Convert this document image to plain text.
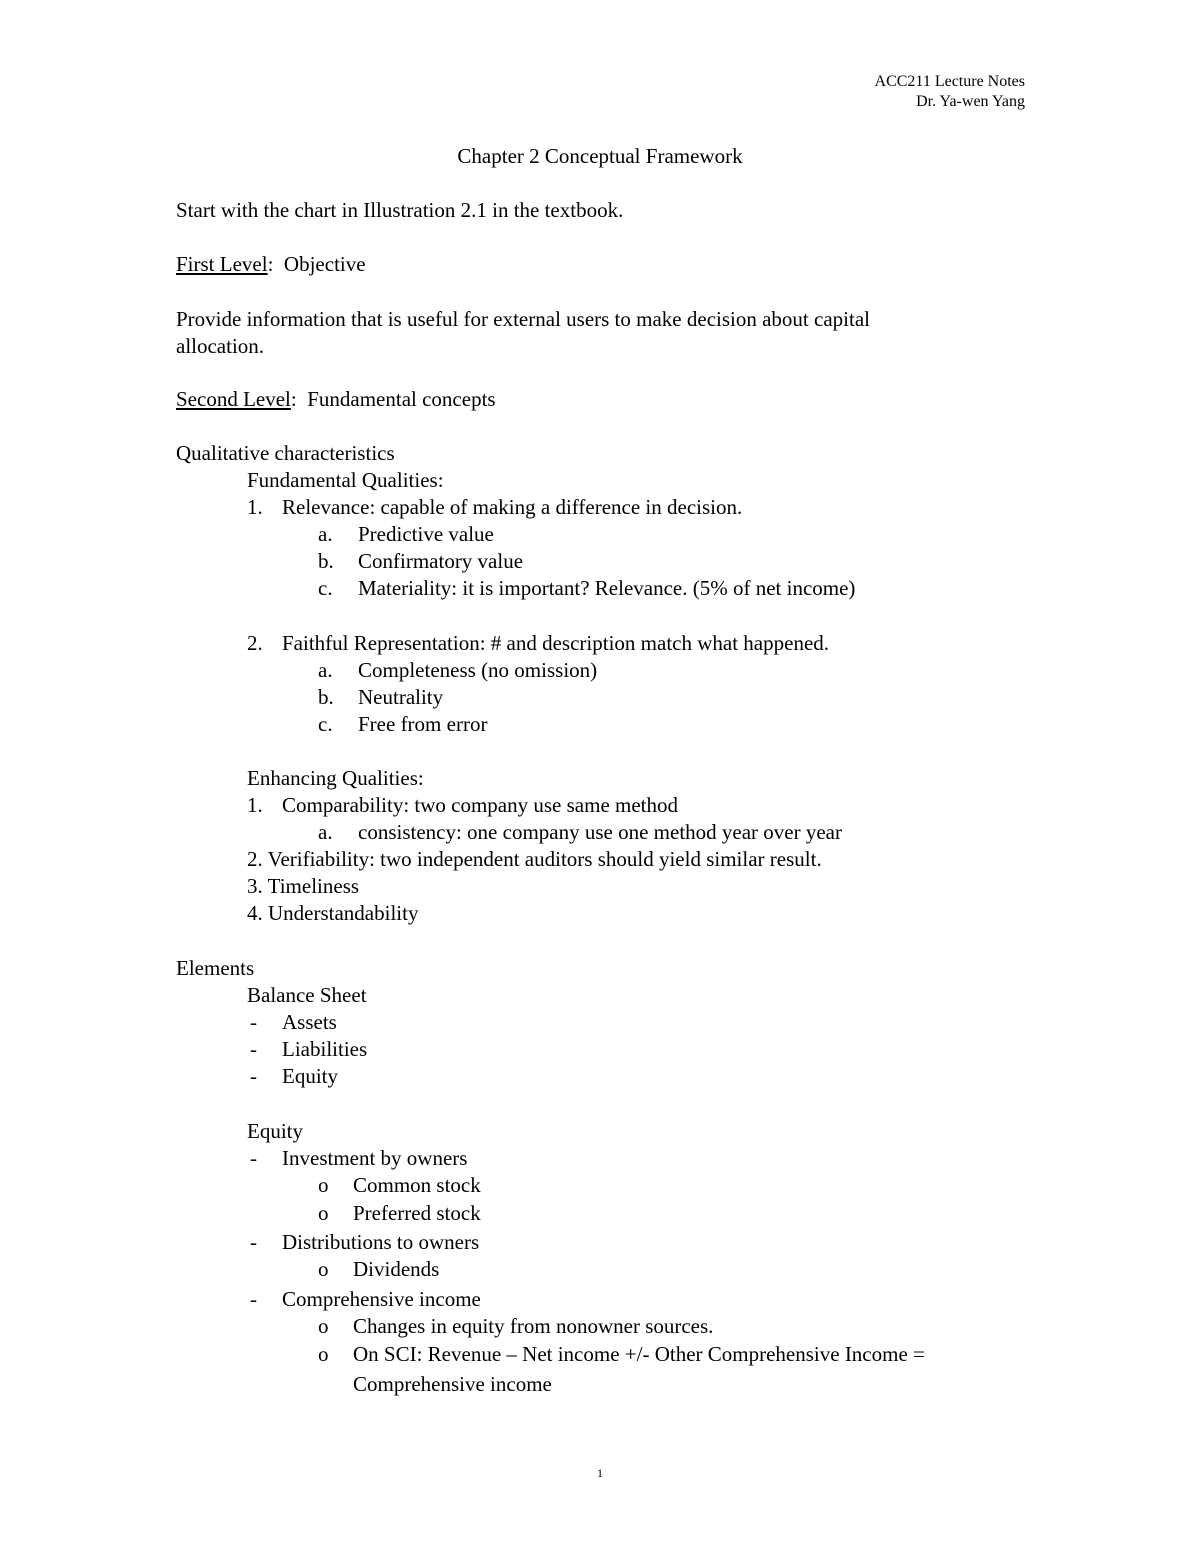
ACC211 Lecture Notes
Dr. Ya-wen Yang
Chapter 2 Conceptual Framework
Start with the chart in Illustration 2.1 in the textbook.
First Level:  Objective
Provide information that is useful for external users to make decision about capital
allocation.
Second Level:  Fundamental concepts
Qualitative characteristics
Fundamental Qualities:
1. Relevance: capable of making a difference in decision.
a. Predictive value
b. Confirmatory value
c. Materiality: it is important? Relevance. (5% of net income)
2. Faithful Representation: # and description match what happened.
a. Completeness (no omission)
b. Neutrality
c. Free from error
Enhancing Qualities:
1. Comparability: two company use same method
a. consistency: one company use one method year over year
2. Verifiability: two independent auditors should yield similar result.
3. Timeliness
4. Understandability
Elements
Balance Sheet
- Assets
- Liabilities
- Equity
Equity
- Investment by owners
o Common stock
o Preferred stock
- Distributions to owners
o Dividends
- Comprehensive income
o Changes in equity from nonowner sources.
o On SCI: Revenue – Net income +/- Other Comprehensive Income =
Comprehensive income
1
